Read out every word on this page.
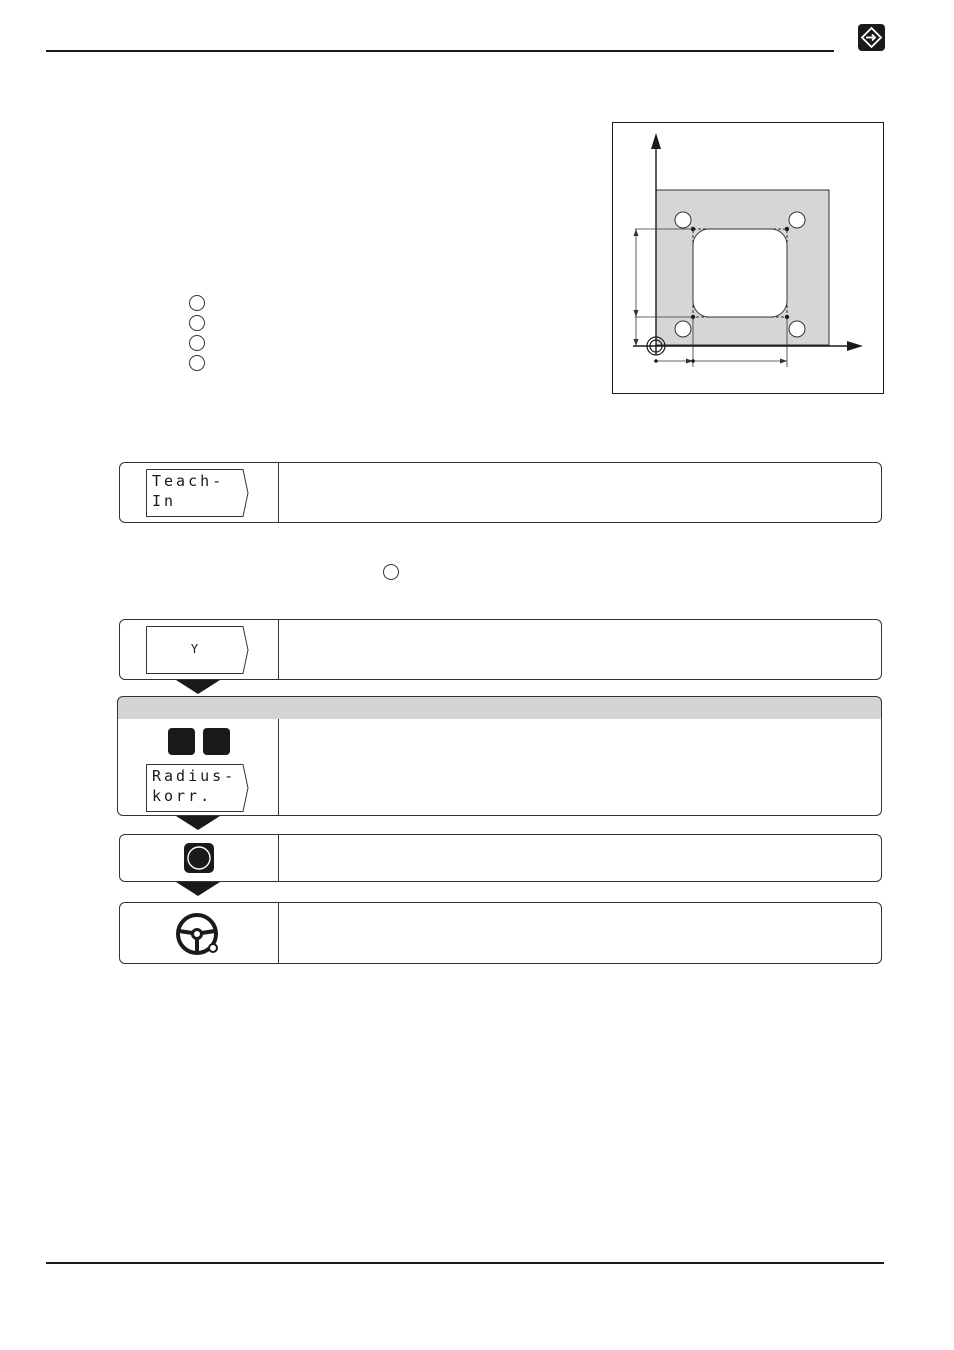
Teach-
In
Y
Radius-
korr.
